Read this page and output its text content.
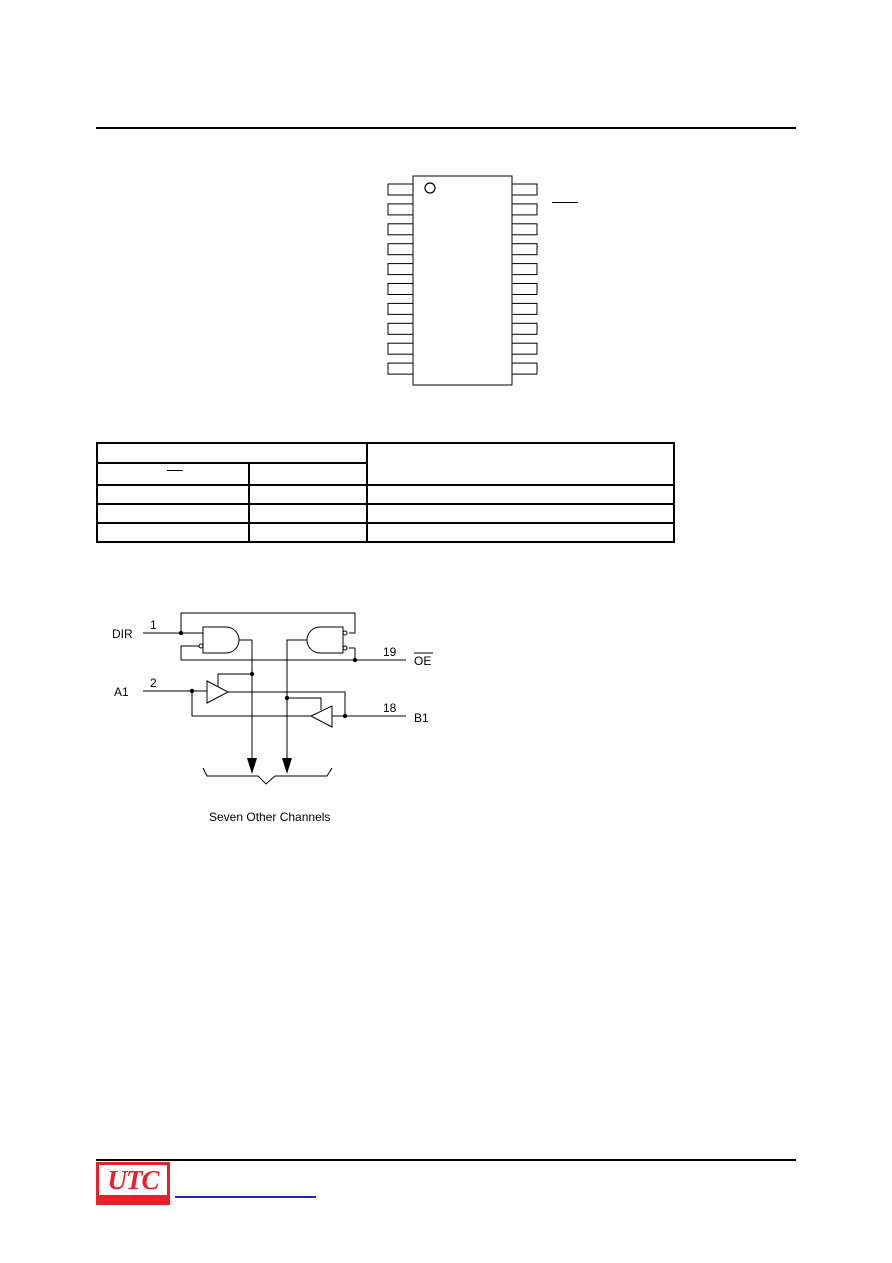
DIR
1
19
OE
A1
2
18
B1
Seven Other Channels
UTC
